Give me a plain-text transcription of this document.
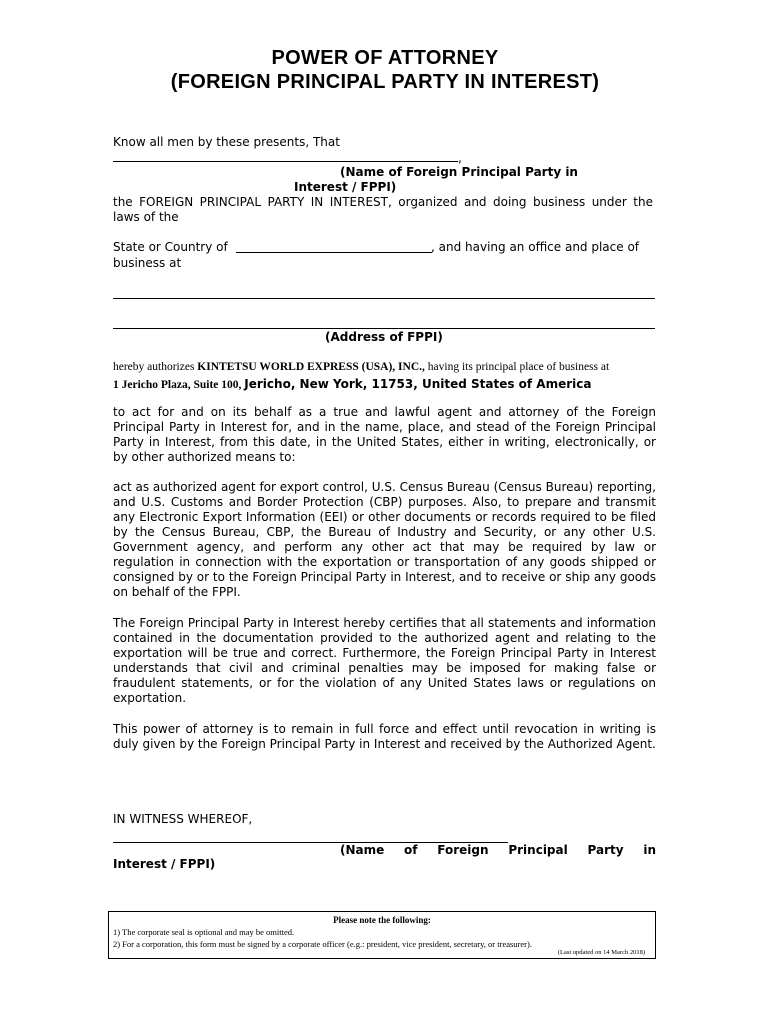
POWER OF ATTORNEY
(FOREIGN PRINCIPAL PARTY IN INTEREST)
Know all men by these presents, That
,
(Name of Foreign Principal Party in
Interest / FPPI)
the FOREIGN PRINCIPAL PARTY IN INTEREST, organized and doing business under the laws of the
State or Country of	, and having an office and place of
business at
(Address of FPPI)
hereby authorizes KINTETSU WORLD EXPRESS (USA), INC., having its principal place of business at
1 Jericho Plaza, Suite 100, Jericho, New York, 11753, United States of America
to act for and on its behalf as a true and lawful agent and attorney of the Foreign Principal Party in Interest for, and in the name, place, and stead of the Foreign Principal Party in Interest, from this date, in the United States, either in writing, electronically, or by other authorized means to:
act as authorized agent for export control, U.S. Census Bureau (Census Bureau) reporting, and U.S. Customs and Border Protection (CBP) purposes. Also, to prepare and transmit any Electronic Export Information (EEI) or other documents or records required to be filed by the Census Bureau, CBP, the Bureau of Industry and Security, or any other U.S. Government agency, and perform any other act that may be required by law or regulation in connection with the exportation or transportation of any goods shipped or consigned by or to the Foreign Principal Party in Interest, and to receive or ship any goods on behalf of the FPPI.
The Foreign Principal Party in Interest hereby certifies that all statements and information contained in the documentation provided to the authorized agent and relating to the exportation will be true and correct. Furthermore, the Foreign Principal Party in Interest understands that civil and criminal penalties may be imposed for making false or fraudulent statements, or for the violation of any United States laws or regulations on exportation.
This power of attorney is to remain in full force and effect until revocation in writing is duly given by the Foreign Principal Party in Interest and received by the Authorized Agent.
IN WITNESS WHEREOF,
(Name of Foreign Principal Party in
Interest / FPPI)
Please note the following:
1) The corporate seal is optional and may be omitted.
2) For a corporation, this form must be signed by a corporate officer (e.g.: president, vice president, secretary, or treasurer).
(Last updated on 14 March 2018)
